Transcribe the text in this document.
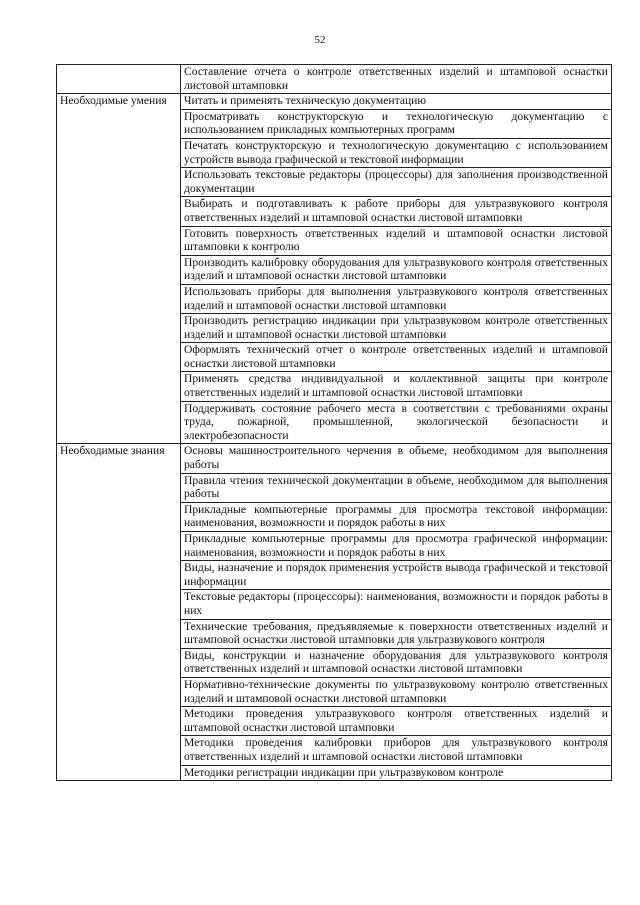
52
	Составление отчета о контроле ответственных изделий и штамповой оснастки листовой штамповки
Необходимые умения	Читать и применять техническую документацию
	Просматривать конструкторскую и технологическую документацию с использованием прикладных компьютерных программ
	Печатать конструкторскую и технологическую документацию с использованием устройств вывода графической и текстовой информации
	Использовать текстовые редакторы (процессоры) для заполнения производственной документации
	Выбирать и подготавливать к работе приборы для ультразвукового контроля ответственных изделий и штамповой оснастки листовой штамповки
	Готовить поверхность ответственных изделий и штамповой оснастки листовой штамповки к контролю
	Производить калибровку оборудования для ультразвукового контроля ответственных изделий и штамповой оснастки листовой штамповки
	Использовать приборы для выполнения ультразвукового контроля ответственных изделий и штамповой оснастки листовой штамповки
	Производить регистрацию индикации при ультразвуковом контроле ответственных изделий и штамповой оснастки листовой штамповки
	Оформлять технический отчет о контроле ответственных изделий и штамповой оснастки листовой штамповки
	Применять средства индивидуальной и коллективной защиты при контроле ответственных изделий и штамповой оснастки листовой штамповки
	Поддерживать состояние рабочего места в соответствии с требованиями охраны труда, пожарной, промышленной, экологической безопасности и электробезопасности
Необходимые знания	Основы машиностроительного черчения в объеме, необходимом для выполнения работы
	Правила чтения технической документации в объеме, необходимом для выполнения работы
	Прикладные компьютерные программы для просмотра текстовой информации: наименования, возможности и порядок работы в них
	Прикладные компьютерные программы для просмотра графической информации: наименования, возможности и порядок работы в них
	Виды, назначение и порядок применения устройств вывода графической и текстовой информации
	Текстовые редакторы (процессоры): наименования, возможности и порядок работы в них
	Технические требования, предъявляемые к поверхности ответственных изделий и штамповой оснастки листовой штамповки для ультразвукового контроля
	Виды, конструкции и назначение оборудования для ультразвукового контроля ответственных изделий и штамповой оснастки листовой штамповки
	Нормативно-технические документы по ультразвуковому контролю ответственных изделий и штамповой оснастки листовой штамповки
	Методики проведения ультразвукового контроля ответственных изделий и штамповой оснастки листовой штамповки
	Методики проведения калибровки приборов для ультразвукового контроля ответственных изделий и штамповой оснастки листовой штамповки
	Методики регистрации индикации при ультразвуковом контроле
